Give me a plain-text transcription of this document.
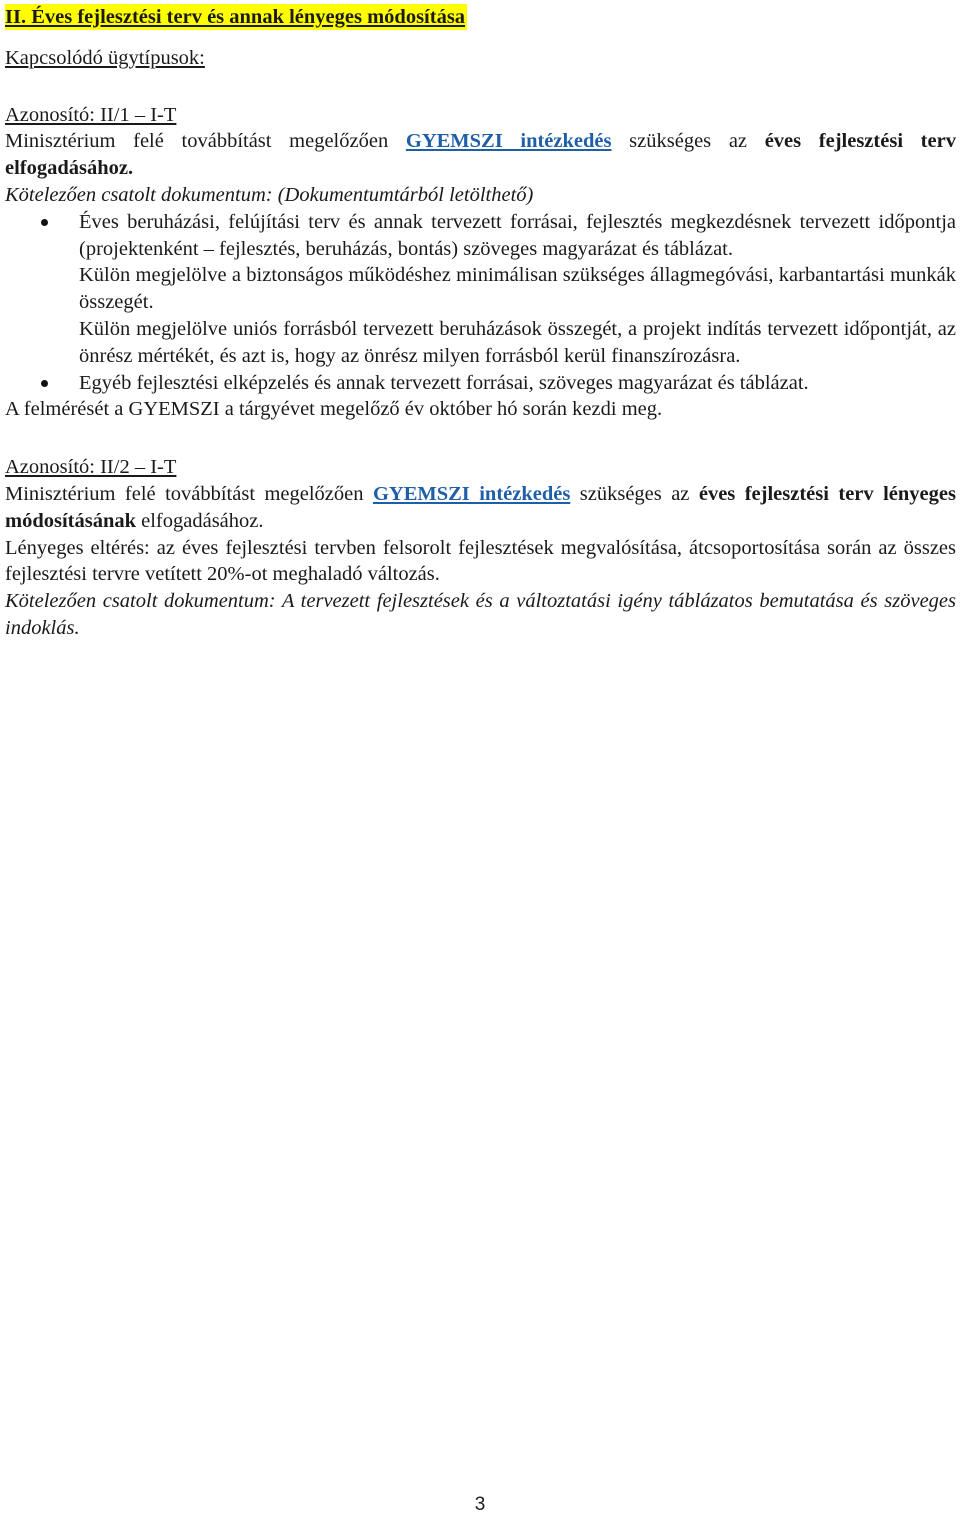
II. Éves fejlesztési terv és annak lényeges módosítása

Kapcsolódó ügytípusok:

Azonosító: II/1 – I-T

Minisztérium felé továbbítást megelőzően GYEMSZI intézkedés szükséges az éves fejlesztési terv elfogadásához.

Kötelezően csatolt dokumentum: (Dokumentumtárból letölthető)

Éves beruházási, felújítási terv és annak tervezett forrásai, fejlesztés megkezdésnek tervezett időpontja (projektenként – fejlesztés, beruházás, bontás) szöveges magyarázat és táblázat.

Külön megjelölve a biztonságos működéshez minimálisan szükséges állagmegóvási, karbantartási munkák összegét.

Külön megjelölve uniós forrásból tervezett beruházások összegét, a projekt indítás tervezett időpontját, az önrész mértékét, és azt is, hogy az önrész milyen forrásból kerül finanszírozásra.

Egyéb fejlesztési elképzelés és annak tervezett forrásai, szöveges magyarázat és táblázat.

A felmérését a GYEMSZI a tárgyévet megelőző év október hó során kezdi meg.

Azonosító: II/2 – I-T

Minisztérium felé továbbítást megelőzően GYEMSZI intézkedés szükséges az éves fejlesztési terv lényeges módosításának elfogadásához.

Lényeges eltérés: az éves fejlesztési tervben felsorolt fejlesztések megvalósítása, átcsoportosítása során az összes fejlesztési tervre vetített 20%-ot meghaladó változás.

Kötelezően csatolt dokumentum: A tervezett fejlesztések és a változtatási igény táblázatos bemutatása és szöveges indoklás.

3
